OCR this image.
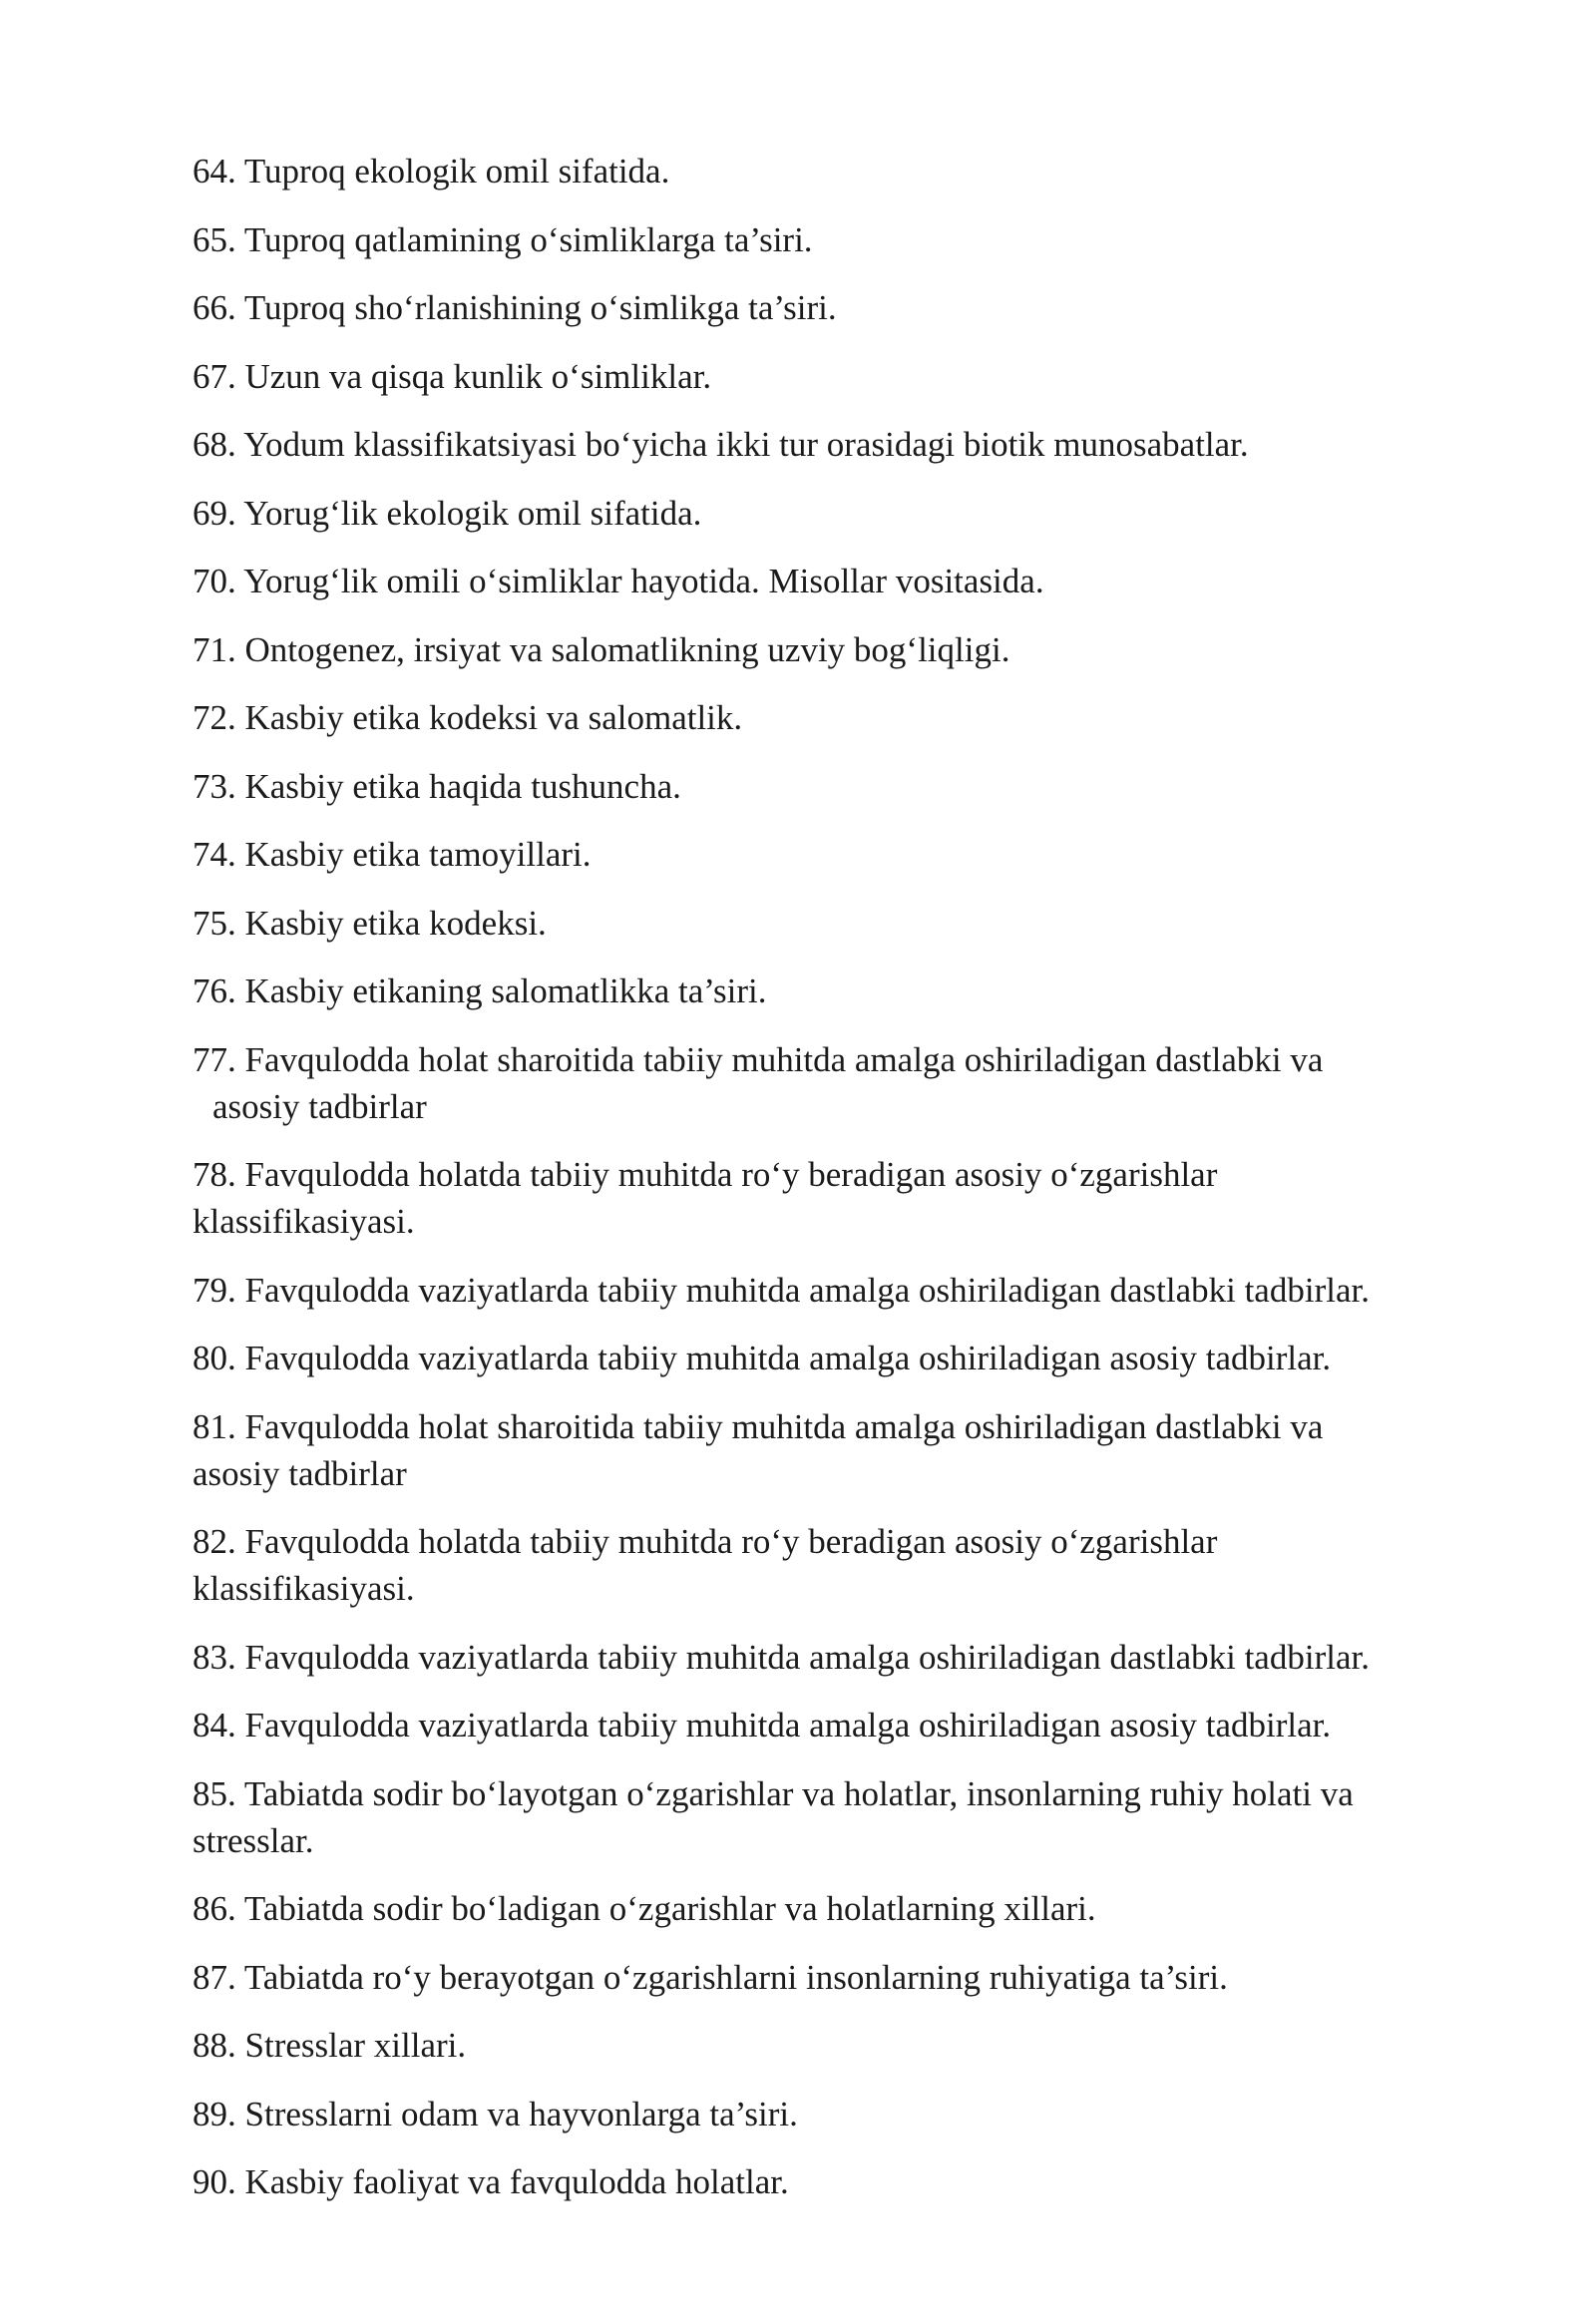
64. Tuproq ekologik omil sifatida.
65. Tuproq qatlamining o‘simliklarga ta’siri.
66. Tuproq sho‘rlanishining o‘simlikga ta’siri.
67. Uzun va qisqa kunlik o‘simliklar.
68. Yodum klassifikatsiyasi bo‘yicha ikki tur orasidagi biotik munosabatlar.
69. Yorug‘lik ekologik omil sifatida.
70. Yorug‘lik omili o‘simliklar hayotida. Misollar vositasida.
71. Ontogenez, irsiyat va salomatlikning uzviy bog‘liqligi.
72. Kasbiy etika kodeksi va salomatlik.
73. Kasbiy etika haqida tushuncha.
74. Kasbiy etika tamoyillari.
75. Kasbiy etika kodeksi.
76. Kasbiy etikaning salomatlikka ta’siri.
77. Favqulodda holat sharoitida tabiiy muhitda amalga oshiriladigan dastlabki va
asosiy tadbirlar
78. Favqulodda holatda tabiiy muhitda ro‘y beradigan asosiy o‘zgarishlar
klassifikasiyasi.
79. Favqulodda vaziyatlarda tabiiy muhitda amalga oshiriladigan dastlabki tadbirlar.
80. Favqulodda vaziyatlarda tabiiy muhitda amalga oshiriladigan asosiy tadbirlar.
81. Favqulodda holat sharoitida tabiiy muhitda amalga oshiriladigan dastlabki va
asosiy tadbirlar
82. Favqulodda holatda tabiiy muhitda ro‘y beradigan asosiy o‘zgarishlar
klassifikasiyasi.
83. Favqulodda vaziyatlarda tabiiy muhitda amalga oshiriladigan dastlabki tadbirlar.
84. Favqulodda vaziyatlarda tabiiy muhitda amalga oshiriladigan asosiy tadbirlar.
85. Tabiatda sodir bo‘layotgan o‘zgarishlar va holatlar, insonlarning ruhiy holati va
stresslar.
86. Tabiatda sodir bo‘ladigan o‘zgarishlar va holatlarning xillari.
87. Tabiatda ro‘y berayotgan o‘zgarishlarni insonlarning ruhiyatiga ta’siri.
88. Stresslar xillari.
89. Stresslarni odam va hayvonlarga ta’siri.
90. Kasbiy faoliyat va favqulodda holatlar.
